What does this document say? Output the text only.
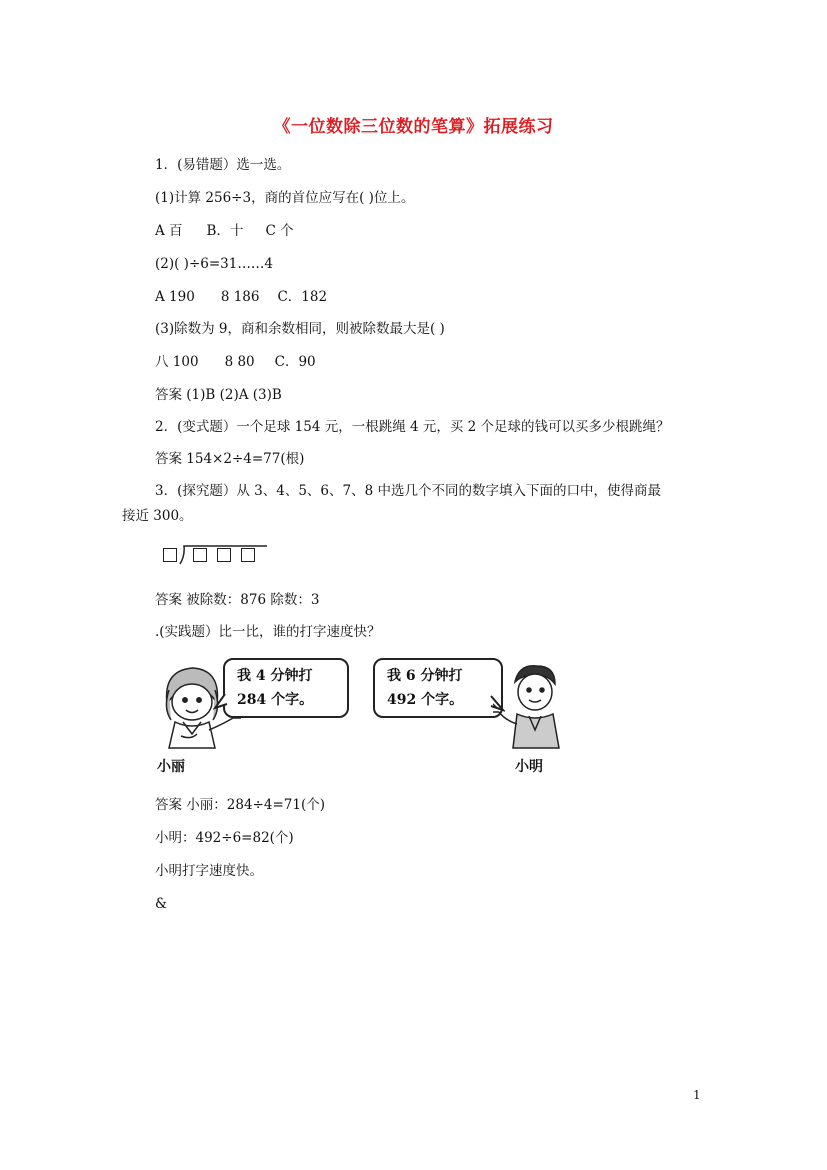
《一位数除三位数的笔算》拓展练习
1．(易错题）选一选。
(1)计算 256÷3，商的首位应写在( )位上。
A 百 B．十 C 个
(2)( )÷6=31……4
A 190 8 186 C．182
(3)除数为 9，商和余数相同，则被除数最大是( )
八 100 8 80 C．90
答案 (1)B (2)A (3)B
2．(变式题）一个足球 154 元，一根跳绳 4 元，买 2 个足球的钱可以买多少根跳绳？
答案 154×2÷4=77(根)
3．(探究题）从 3、4、5、6、7、8 中选几个不同的数字填入下面的口中，使得商最接近 300。
答案 被除数：876 除数：3
.(实践题）比一比，谁的打字速度快？
我 4 分钟打
284 个字。
我 6 分钟打
492 个字。
小丽	小明
答案 小丽：284÷4=71(个)
小明：492÷6=82(个)
小明打字速度快。
&
1
